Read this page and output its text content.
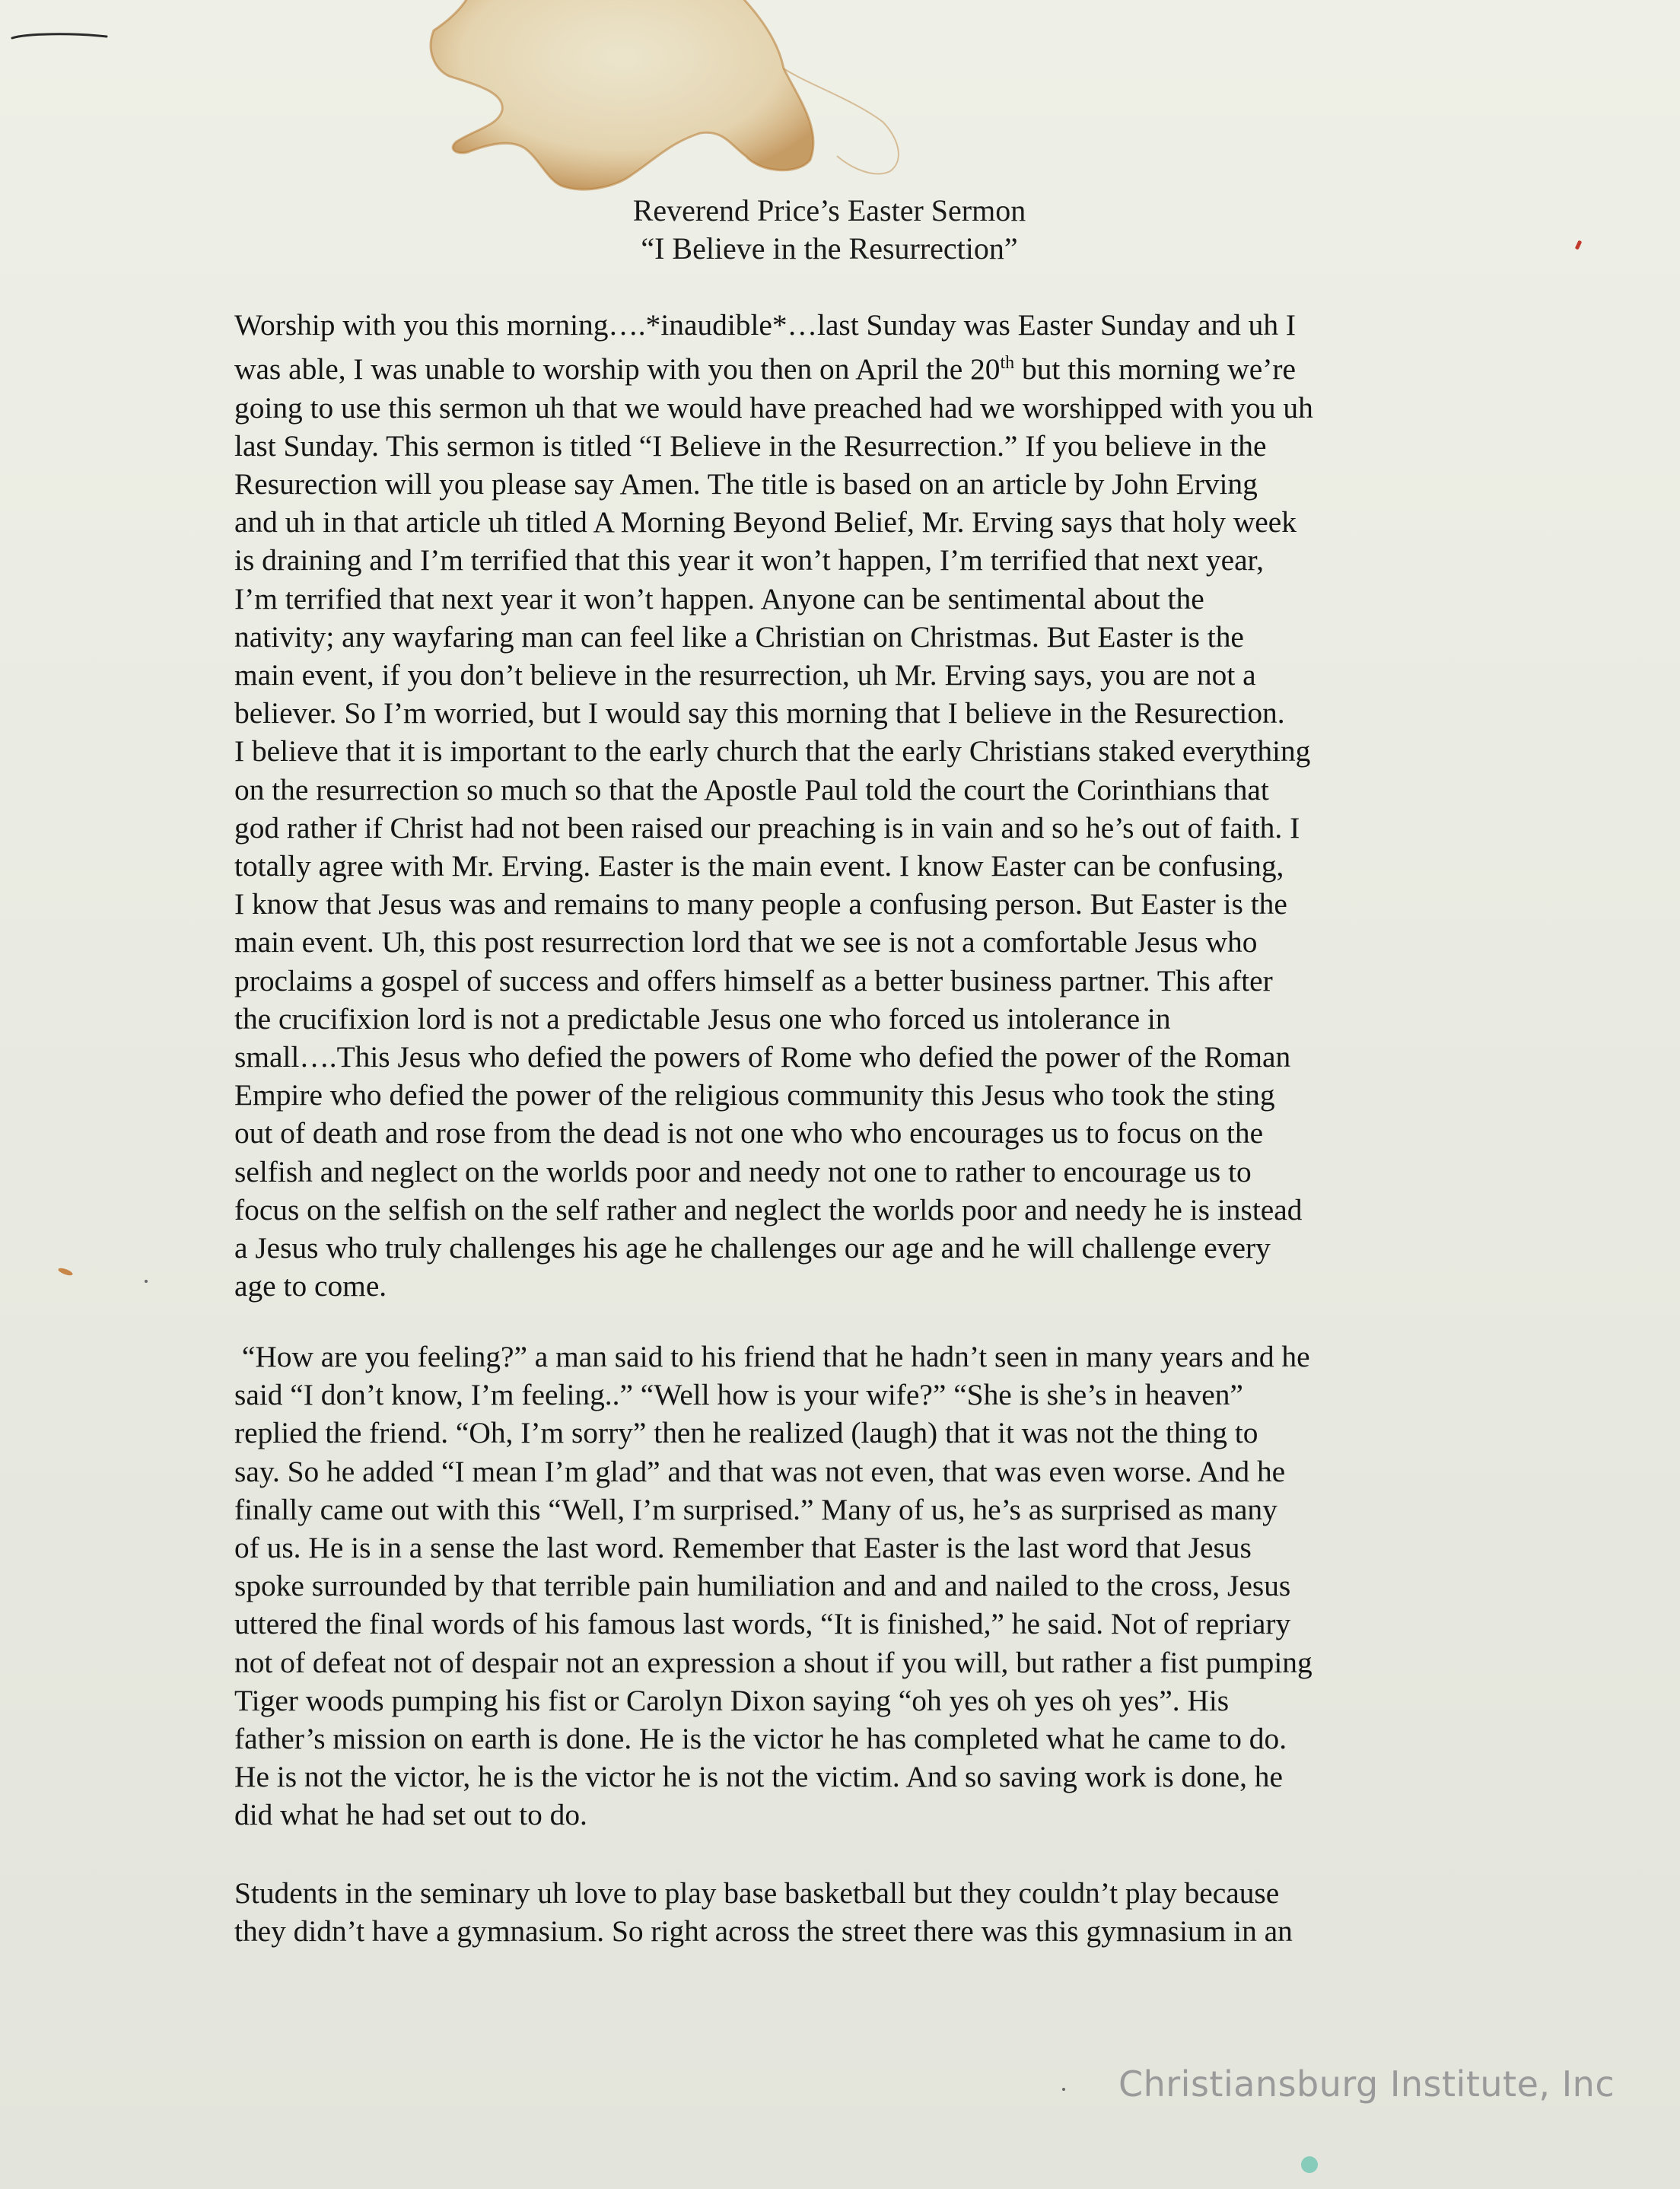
Reverend Price’s Easter Sermon

“I Believe in the Resurrection”

Worship with you this morning….*inaudible*…last Sunday was Easter Sunday and uh I
was able, I was unable to worship with you then on April the 20th but this morning we’re
going to use this sermon uh that we would have preached had we worshipped with you uh
last Sunday. This sermon is titled “I Believe in the Resurrection.” If you believe in the
Resurection will you please say Amen. The title is based on an article by John Erving
and uh in that article uh titled A Morning Beyond Belief, Mr. Erving says that holy week
is draining and I’m terrified that this year it won’t happen, I’m terrified that next year,
I’m terrified that next year it won’t happen. Anyone can be sentimental about the
nativity; any wayfaring man can feel like a Christian on Christmas. But Easter is the
main event, if you don’t believe in the resurrection, uh Mr. Erving says, you are not a
believer. So I’m worried, but I would say this morning that I believe in the Resurection.
I believe that it is important to the early church that the early Christians staked everything
on the resurrection so much so that the Apostle Paul told the court the Corinthians that
god rather if Christ had not been raised our preaching is in vain and so he’s out of faith. I
totally agree with Mr. Erving. Easter is the main event. I know Easter can be confusing,
I know that Jesus was and remains to many people a confusing person. But Easter is the
main event. Uh, this post resurrection lord that we see is not a comfortable Jesus who
proclaims a gospel of success and offers himself as a better business partner. This after
the crucifixion lord is not a predictable Jesus one who forced us intolerance in
small….This Jesus who defied the powers of Rome who defied the power of the Roman
Empire who defied the power of the religious community this Jesus who took the sting
out of death and rose from the dead is not one who who encourages us to focus on the
selfish and neglect on the worlds poor and needy not one to rather to encourage us to
focus on the selfish on the self rather and neglect the worlds poor and needy he is instead
a Jesus who truly challenges his age he challenges our age and he will challenge every
age to come.
“How are you feeling?” a man said to his friend that he hadn’t seen in many years and he
said “I don’t know, I’m feeling..” “Well how is your wife?” “She is she’s in heaven”
replied the friend. “Oh, I’m sorry” then he realized (laugh) that it was not the thing to
say. So he added “I mean I’m glad” and that was not even, that was even worse. And he
finally came out with this “Well, I’m surprised.” Many of us, he’s as surprised as many
of us. He is in a sense the last word. Remember that Easter is the last word that Jesus
spoke surrounded by that terrible pain humiliation and and and nailed to the cross, Jesus
uttered the final words of his famous last words, “It is finished,” he said. Not of repriary
not of defeat not of despair not an expression a shout if you will, but rather a fist pumping
Tiger woods pumping his fist or Carolyn Dixon saying “oh yes oh yes oh yes”. His
father’s mission on earth is done. He is the victor he has completed what he came to do.
He is not the victor, he is the victor he is not the victim. And so saving work is done, he
did what he had set out to do.
Students in the seminary uh love to play base basketball but they couldn’t play because
they didn’t have a gymnasium. So right across the street there was this gymnasium in an
Christiansburg Institute, Inc
